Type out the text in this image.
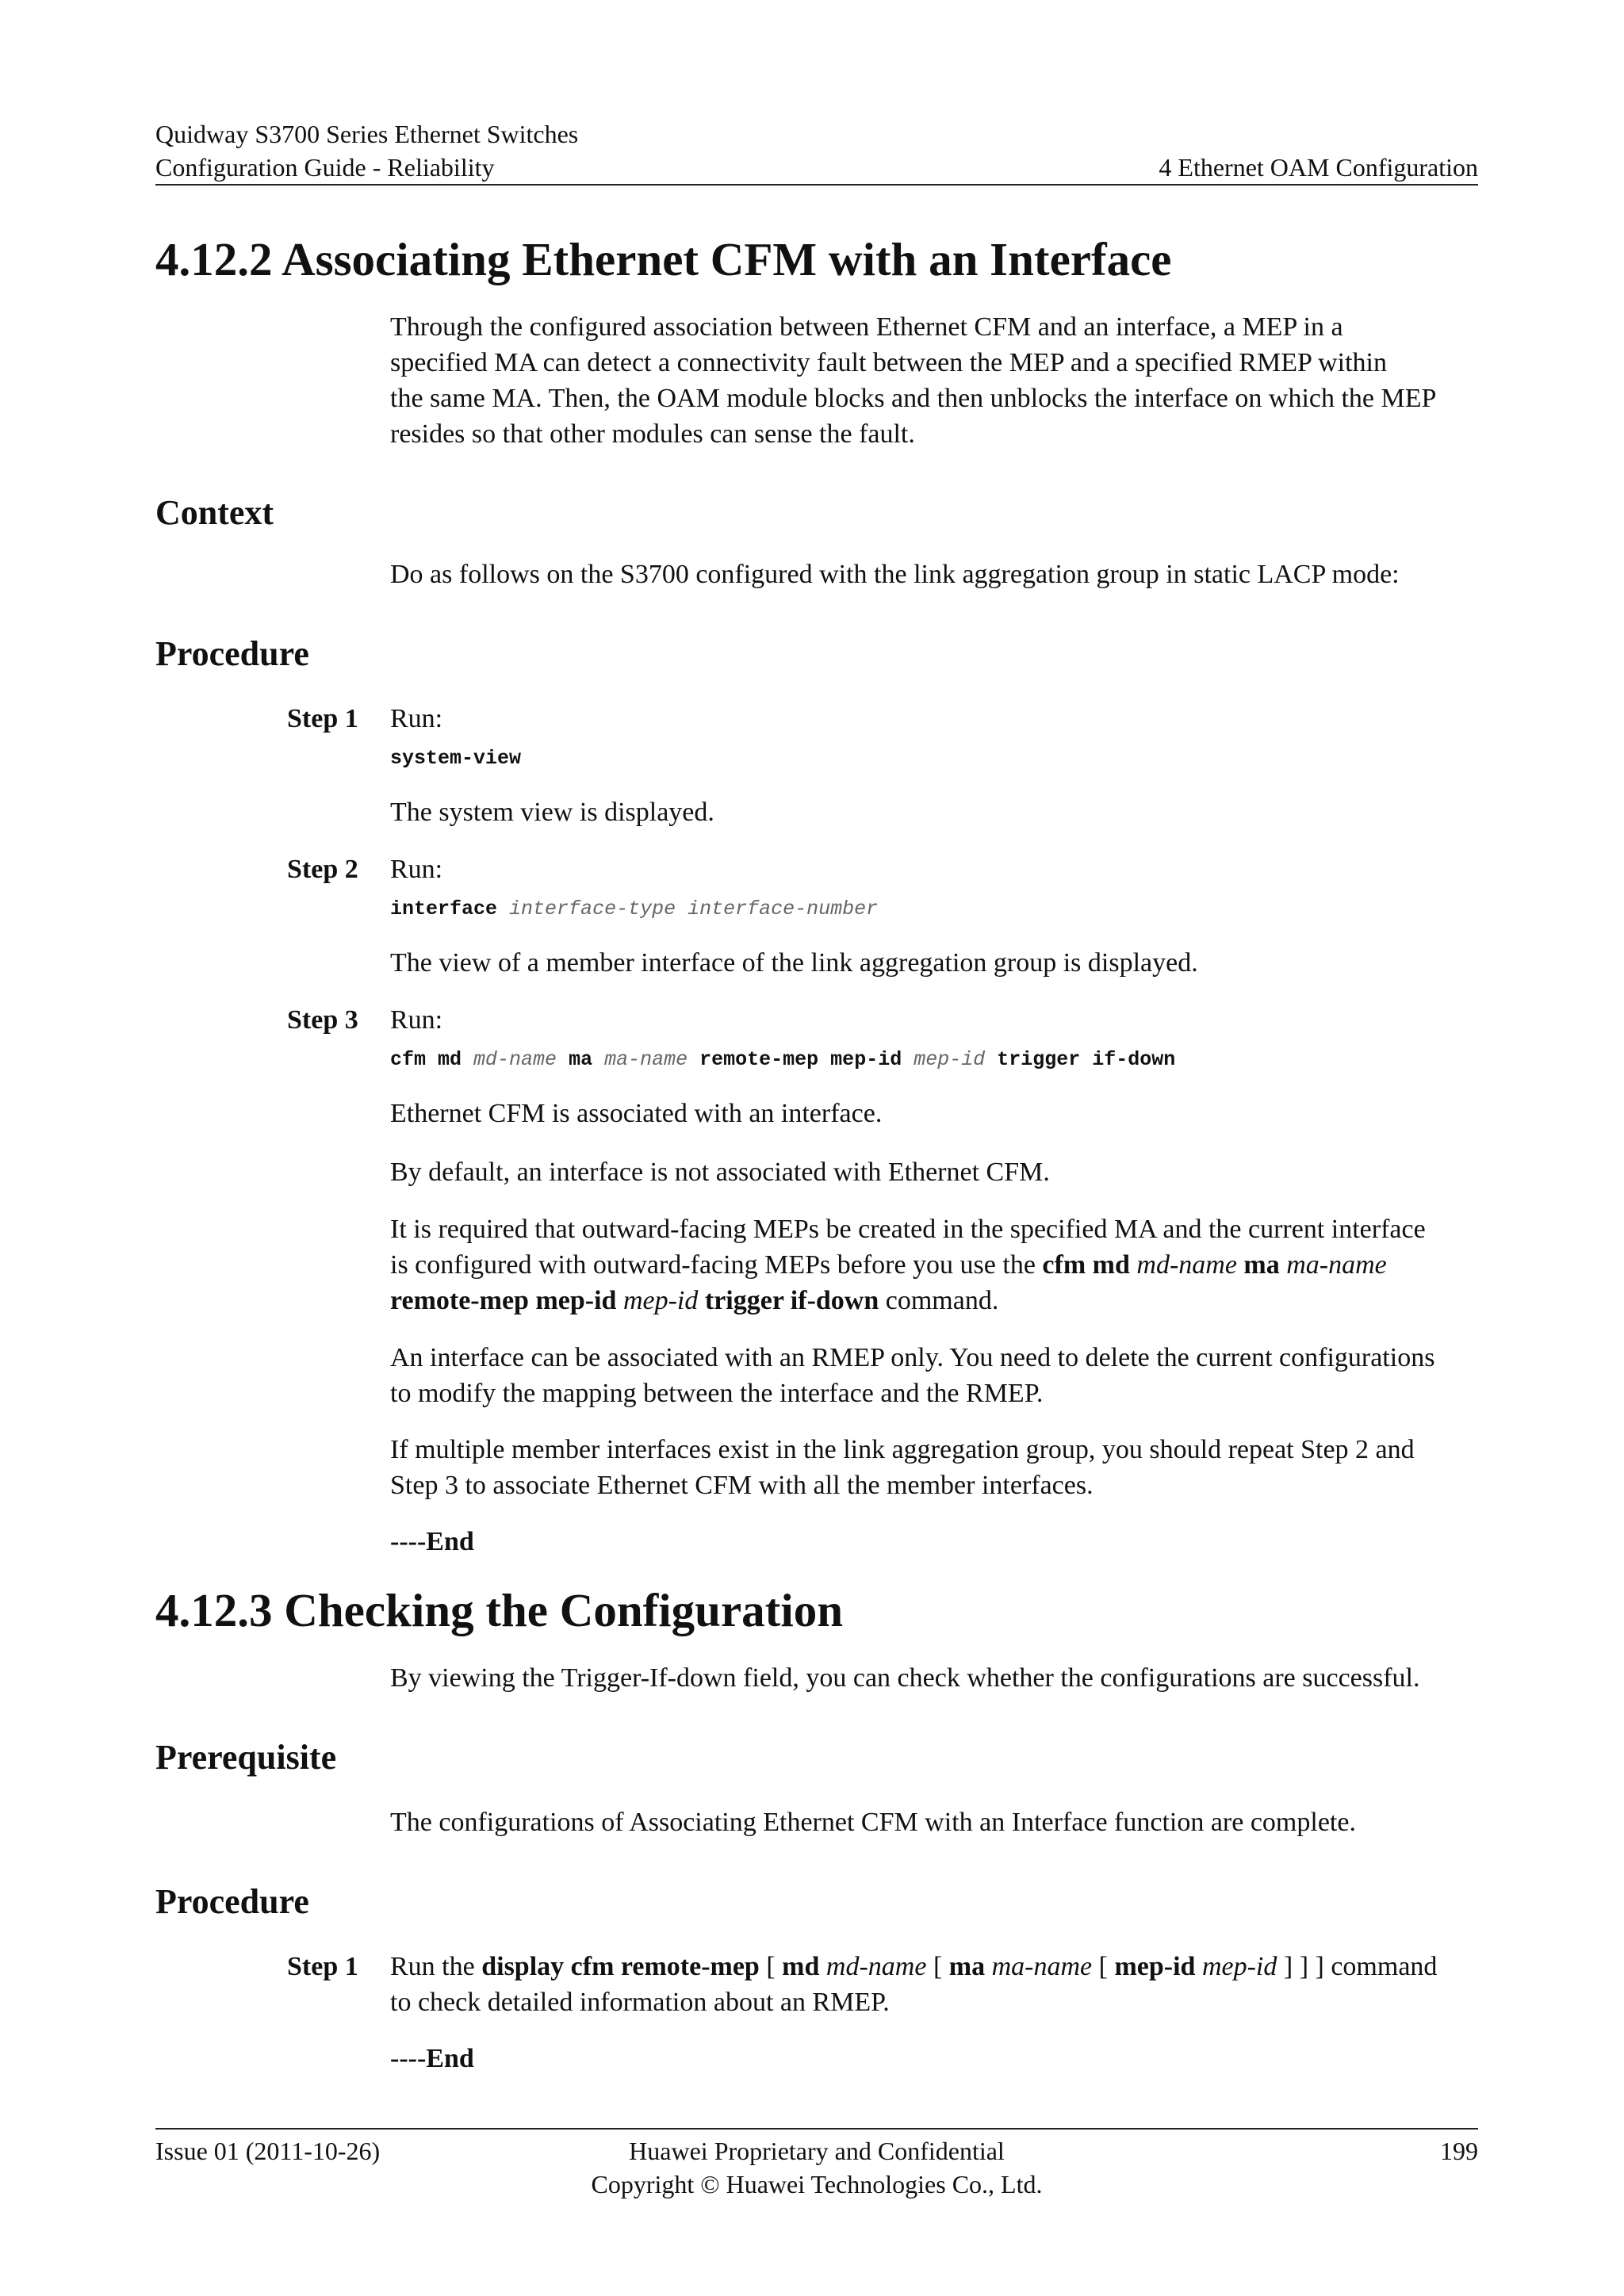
Quidway S3700 Series Ethernet Switches
Configuration Guide - Reliability	4 Ethernet OAM Configuration
4.12.2 Associating Ethernet CFM with an Interface
Through the configured association between Ethernet CFM and an interface, a MEP in a
specified MA can detect a connectivity fault between the MEP and a specified RMEP within
the same MA. Then, the OAM module blocks and then unblocks the interface on which the MEP
resides so that other modules can sense the fault.
Context

Do as follows on the S3700 configured with the link aggregation group in static LACP mode:

Procedure

Step 1 Run:

system-view

The system view is displayed.

Step 2 Run:

interface interface-type interface-number

The view of a member interface of the link aggregation group is displayed.

Step 3 Run:

cfm md md-name ma ma-name remote-mep mep-id mep-id trigger if-down

Ethernet CFM is associated with an interface.

By default, an interface is not associated with Ethernet CFM.

It is required that outward-facing MEPs be created in the specified MA and the current interface
is configured with outward-facing MEPs before you use the cfm md md-name ma ma-name
remote-mep mep-id mep-id trigger if-down command.
An interface can be associated with an RMEP only. You need to delete the current configurations
to modify the mapping between the interface and the RMEP.
If multiple member interfaces exist in the link aggregation group, you should repeat Step 2 and
Step 3 to associate Ethernet CFM with all the member interfaces.

----End

4.12.3 Checking the Configuration

By viewing the Trigger-If-down field, you can check whether the configurations are successful.

Prerequisite

The configurations of Associating Ethernet CFM with an Interface function are complete.

Procedure

Step 1 Run the display cfm remote-mep [ md md-name [ ma ma-name [ mep-id mep-id ] ] ] command
to check detailed information about an RMEP.

----End

Issue 01 (2011-10-26)	Huawei Proprietary and Confidential
Copyright © Huawei Technologies Co., Ltd.
199
